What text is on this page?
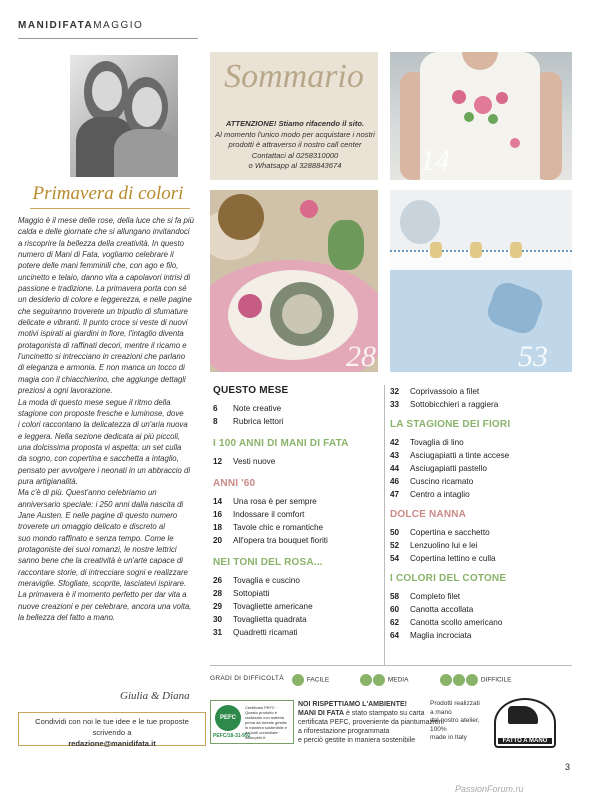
MANIDIFATAMAGGIO
Sommario
ATTENZIONE! Stiamo rifacendo il sito.
Al momento l'unico modo per acquistare i nostri
prodotti è attraverso il nostro call center
Contattaci al 0258310000
o Whatsapp al 3288843674	14
28	53
Primavera di colori

Maggio è il mese delle rose, della luce che si fa più

calda e delle giornate che si allungano invitandoci

a riscoprire la bellezza della creatività. In questo

numero di Mani di Fata, vogliamo celebrare il

potere delle mani femminili che, con ago e filo,

uncinetto e telaio, danno vita a capolavori intrisi di

passione e tradizione. La primavera porta con sé

un desiderio di colore e leggerezza, e nelle pagine

che seguiranno troverete un tripudio di sfumature

delicate e vibranti. Il punto croce si veste di nuovi

motivi ispirati ai giardini in fiore, l'intaglio diventa

protagonista di raffinati decori, mentre il ricamo e

l'uncinetto si intrecciano in creazioni che parlano

di eleganza e armonia. E non manca un tocco di

magia con il chiacchierino, che aggiunge dettagli

preziosi a ogni lavorazione.

La moda di questo mese segue il ritmo della

stagione con proposte fresche e luminose, dove

i colori raccontano la delicatezza di un'aria nuova

e leggera. Nella sezione dedicata ai più piccoli,

una dolcissima proposta vi aspetta: un set culla

da sogno, con copertina e sacchetta a intaglio,

pensato per avvolgere i neonati in un abbraccio di

pura artigianalità.

Ma c'è di più. Quest'anno celebriamo un

anniversario speciale: i 250 anni dalla nascita di

Jane Austen. E nelle pagine di questo numero

troverete un omaggio delicato e discreto al

suo mondo raffinato e senza tempo. Come le

protagoniste dei suoi romanzi, le nostre lettrici

sanno bene che la creatività è un'arte capace di

raccontare storie, di intrecciare sogni e realizzare

meraviglie. Sfogliate, scoprite, lasciatevi ispirare.

La primavera è il momento perfetto per dar vita a

nuove creazioni e per celebrare, ancora una volta,

la bellezza del fatto a mano.

Giulia & Diana
Condividi con noi le tue idee e le tue proposte scrivendo a
redazione@manidifata.it
QUESTO MESE
6 Note creative
8 Rubrica lettori
I 100 ANNI DI MANI DI FATA
12 Vesti nuove
ANNI '60
14 Una rosa è per sempre
16 Indossare il comfort
18 Tavole chic e romantiche
20 All'opera tra bouquet fioriti
NEI TONI DEL ROSA...
26 Tovaglia e cuscino
28 Sottopiatti
29 Tovagliette americane
30 Tovaglietta quadrata
31 Quadretti ricamati
32 Coprivassoio a filet
33 Sottobicchieri a raggiera
LA STAGIONE DEI FIORI
42 Tovaglia di lino
43 Asciugapiatti a tinte accese
44 Asciugapiatti pastello
46 Cuscino ricamato
47 Centro a intaglio
DOLCE NANNA
50 Copertina e sacchetto
52 Lenzuolino lui e lei
54 Copertina lettino e culla
I COLORI DEL COTONE
58 Completo filet
60 Canotta accollata
62 Canotta scollo americano
64 Maglia incrociata
GRADI DI DIFFICOLTÀ	FACILE	MEDIA	DIFFICILE
PEFC
Certificato PEFC · Questo prodotto è realizzato con materia prima da foreste gestite in maniera sostenibile e da fonti controllate · www.pefc.it
PEFC/18-31-992
NOI RISPETTIAMO L'AMBIENTE!
MANI DI FATA è stato stampato su carta
certificata PEFC, proveniente da piantumazioni
a riforestazione programmata
e perciò gestite in maniera sostenibile
Prodotti realizzati
a mano
dal nostro atelier,
100%
made in Italy	FATTO A MANO
3
PassionForum.ru
